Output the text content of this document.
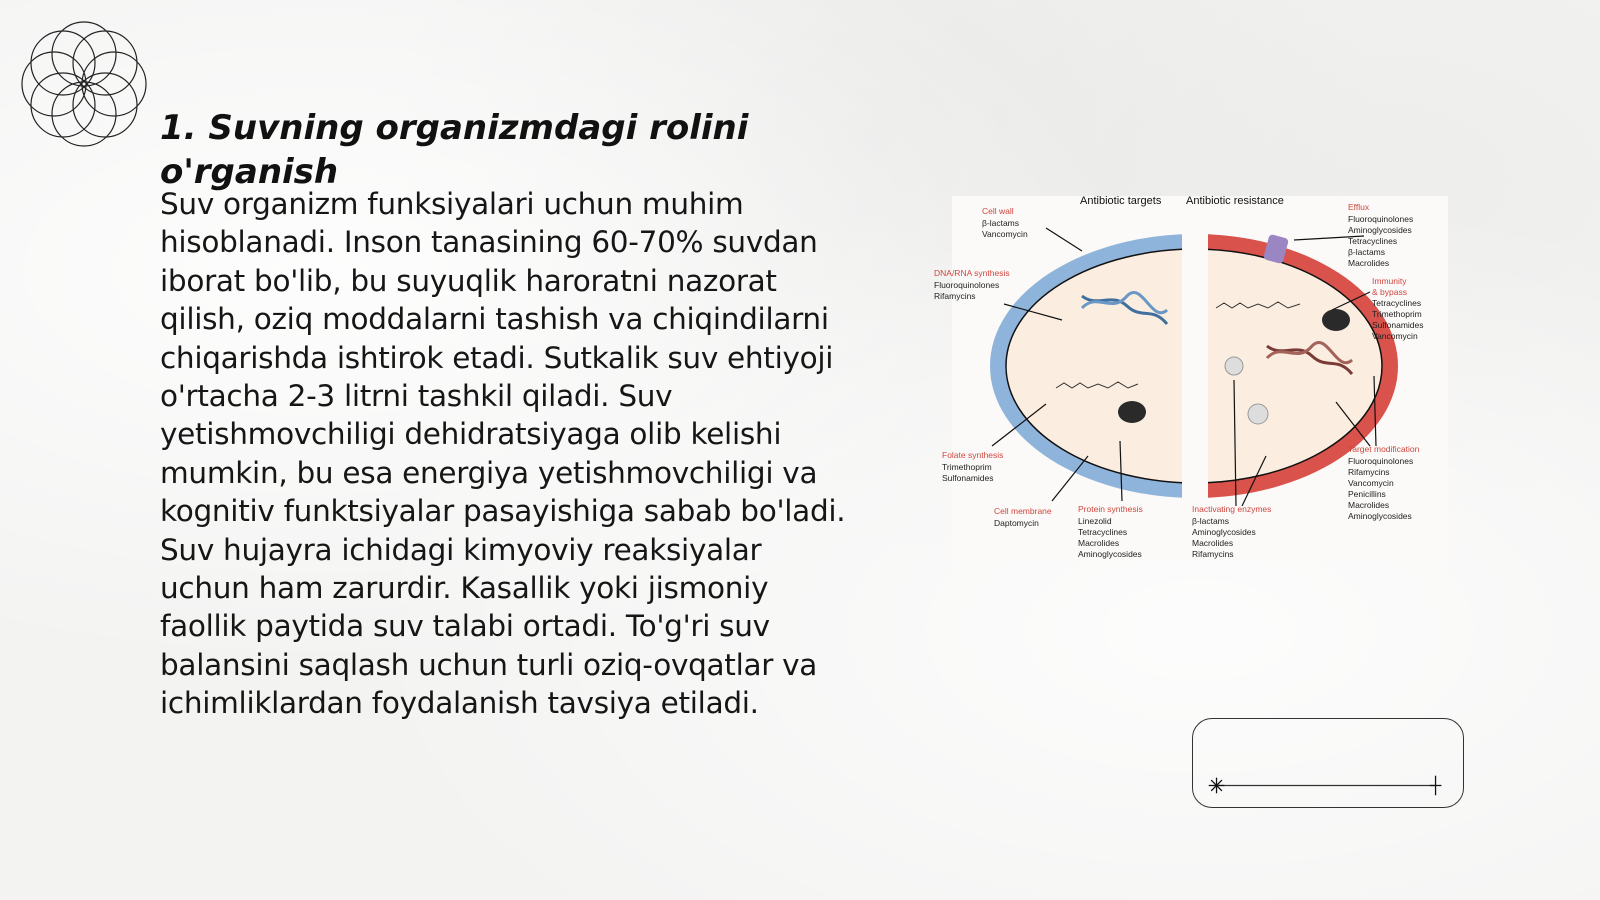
1. Suvning organizmdagi rolini o'rganish

Suv organizm funksiyalari uchun muhim hisoblanadi. Inson tanasining 60-70% suvdan iborat bo'lib, bu suyuqlik haroratni nazorat qilish, oziq moddalarni tashish va chiqindilarni chiqarishda ishtirok etadi. Sutkalik suv ehtiyoji o'rtacha 2-3 litrni tashkil qiladi. Suv yetishmovchiligi dehidratsiyaga olib kelishi mumkin, bu esa energiya yetishmovchiligi va kognitiv funktsiyalar pasayishiga sabab bo'ladi. Suv hujayra ichidagi kimyoviy reaksiyalar uchun ham zarurdir. Kasallik yoki jismoniy faollik paytida suv talabi ortadi. To'g'ri suv balansini saqlash uchun turli oziq-ovqatlar va ichimliklardan foydalanish tavsiya etiladi.

Antibiotic targets Antibiotic resistance
Cell wall
β-lactams
Vancomycin
DNA/RNA synthesis
Fluoroquinolones
Rifamycins
Folate synthesis
Trimethoprim
Sulfonamides
Cell membrane
Daptomycin
Protein synthesis
Linezolid
Tetracyclines
Macrolides
Aminoglycosides
Efflux
Fluoroquinolones
Aminoglycosides
Tetracyclines
β-lactams
Macrolides
Immunity
& bypass
Tetracyclines
Trimethoprim
Sulfonamides
Vancomycin
Target modification
Fluoroquinolones
Rifamycins
Vancomycin
Penicillins
Macrolides
Aminoglycosides
Inactivating enzymes
β-lactams
Aminoglycosides
Macrolides
Rifamycins
